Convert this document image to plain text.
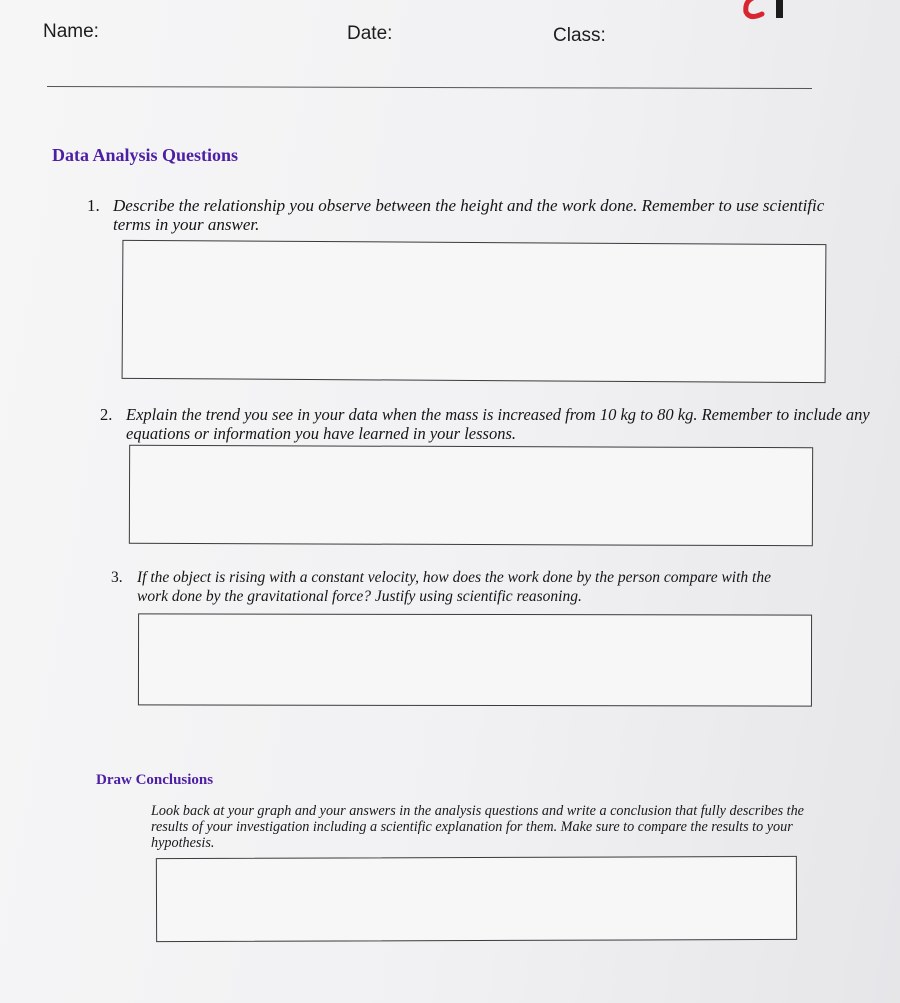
Name:	Date:	Class:
Data Analysis Questions
1. Describe the relationship you observe between the height and the work done. Remember to use scientific terms in your answer.
2. Explain the trend you see in your data when the mass is increased from 10 kg to 80 kg. Remember to include any equations or information you have learned in your lessons.
3. If the object is rising with a constant velocity, how does the work done by the person compare with the work done by the gravitational force? Justify using scientific reasoning.
Draw Conclusions
Look back at your graph and your answers in the analysis questions and write a conclusion that fully describes the results of your investigation including a scientific explanation for them. Make sure to compare the results to your hypothesis.
